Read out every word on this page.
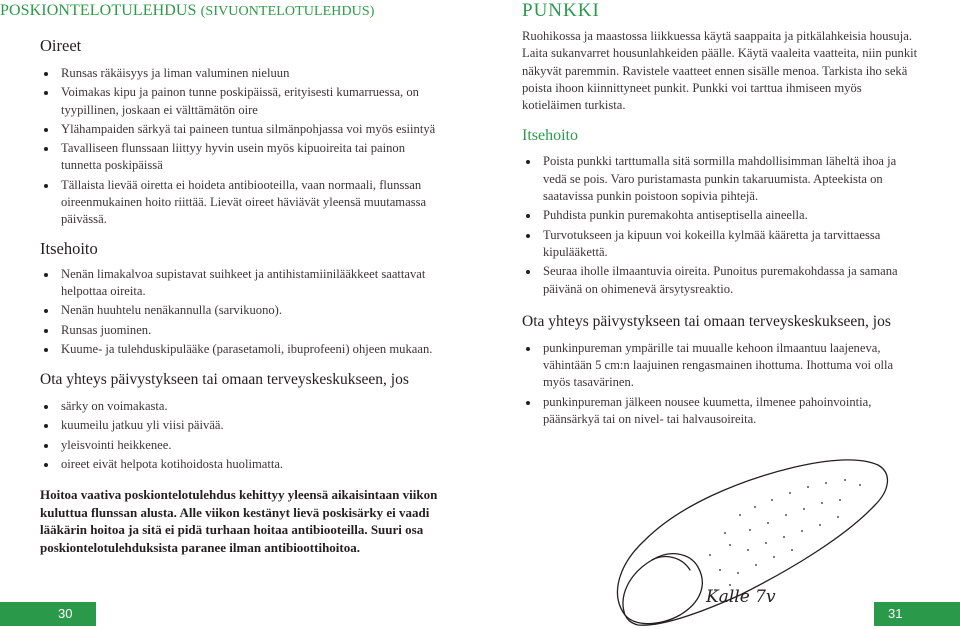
POSKIONTELOTULEHDUS (SIVUONTELOTULEHDUS)
Oireet
Runsas räkäisyys ja liman valuminen nieluun
Voimakas kipu ja painon tunne poskipäissä, erityisesti kumarruessa, on tyypillinen, joskaan ei välttämätön oire
Ylähampaiden särkyä tai paineen tuntua silmänpohjassa voi myös esiintyä
Tavalliseen flunssaan liittyy hyvin usein myös kipuoireita tai painon tunnetta poskipäissä
Tällaista lievää oiretta ei hoideta antibiooteilla, vaan normaali, flunssan oireenmukainen hoito riittää. Lievät oireet häviävät yleensä muutamassa päivässä.
Itsehoito
Nenän limakalvoa supistavat suihkeet ja antihistamiinilääkkeet saattavat helpottaa oireita.
Nenän huuhtelu nenäkannulla (sarvikuono).
Runsas juominen.
Kuume- ja tulehduskipulääke (parasetamoli, ibuprofeeni) ohjeen mukaan.
Ota yhteys päivystykseen tai omaan terveyskeskukseen, jos
särky on voimakasta.
kuumeilu jatkuu yli viisi päivää.
yleisvointi heikkenee.
oireet eivät helpota kotihoidosta huolimatta.
Hoitoa vaativa poskiontelotulehdus kehittyy yleensä aikaisintaan viikon kuluttua flunssan alusta. Alle viikon kestänyt lievä poskisärky ei vaadi lääkärin hoitoa ja sitä ei pidä turhaan hoitaa antibiooteilla. Suuri osa poskiontelotulehduksista paranee ilman antibioottihoitoa.
30
PUNKKI
Ruohikossa ja maastossa liikkuessa käytä saappaita ja pitkälahkeisia housuja. Laita sukanvarret housunlahkeiden päälle. Käytä vaaleita vaatteita, niin punkit näkyvät paremmin. Ravistele vaatteet ennen sisälle menoa. Tarkista iho sekä poista ihoon kiinnittyneet punkit. Punkki voi tarttua ihmiseen myös kotieläimen turkista.
Itsehoito
Poista punkki tarttumalla sitä sormilla mahdollisimman läheltä ihoa ja vedä se pois. Varo puristamasta punkin takaruumista. Apteekista on saatavissa punkin poistoon sopivia pihtejä.
Puhdista punkin puremakohta antiseptisella aineella.
Turvotukseen ja kipuun voi kokeilla kylmää kääretta ja tarvittaessa kipulääkettä.
Seuraa iholle ilmaantuvia oireita. Punoitus puremakohdassa ja samana päivänä on ohimenevä ärsytysreaktio.
Ota yhteys päivystykseen tai omaan terveyskeskukseen, jos
punkinpureman ympärille tai muualle kehoon ilmaantuu laajeneva, vähintään 5 cm:n laajuinen rengasmainen ihottuma. Ihottuma voi olla myös tasavärinen.
punkinpureman jälkeen nousee kuumetta, ilmenee pahoinvointia, päänsärkyä tai on nivel- tai halvausoireita.
31
Kalle 7v
